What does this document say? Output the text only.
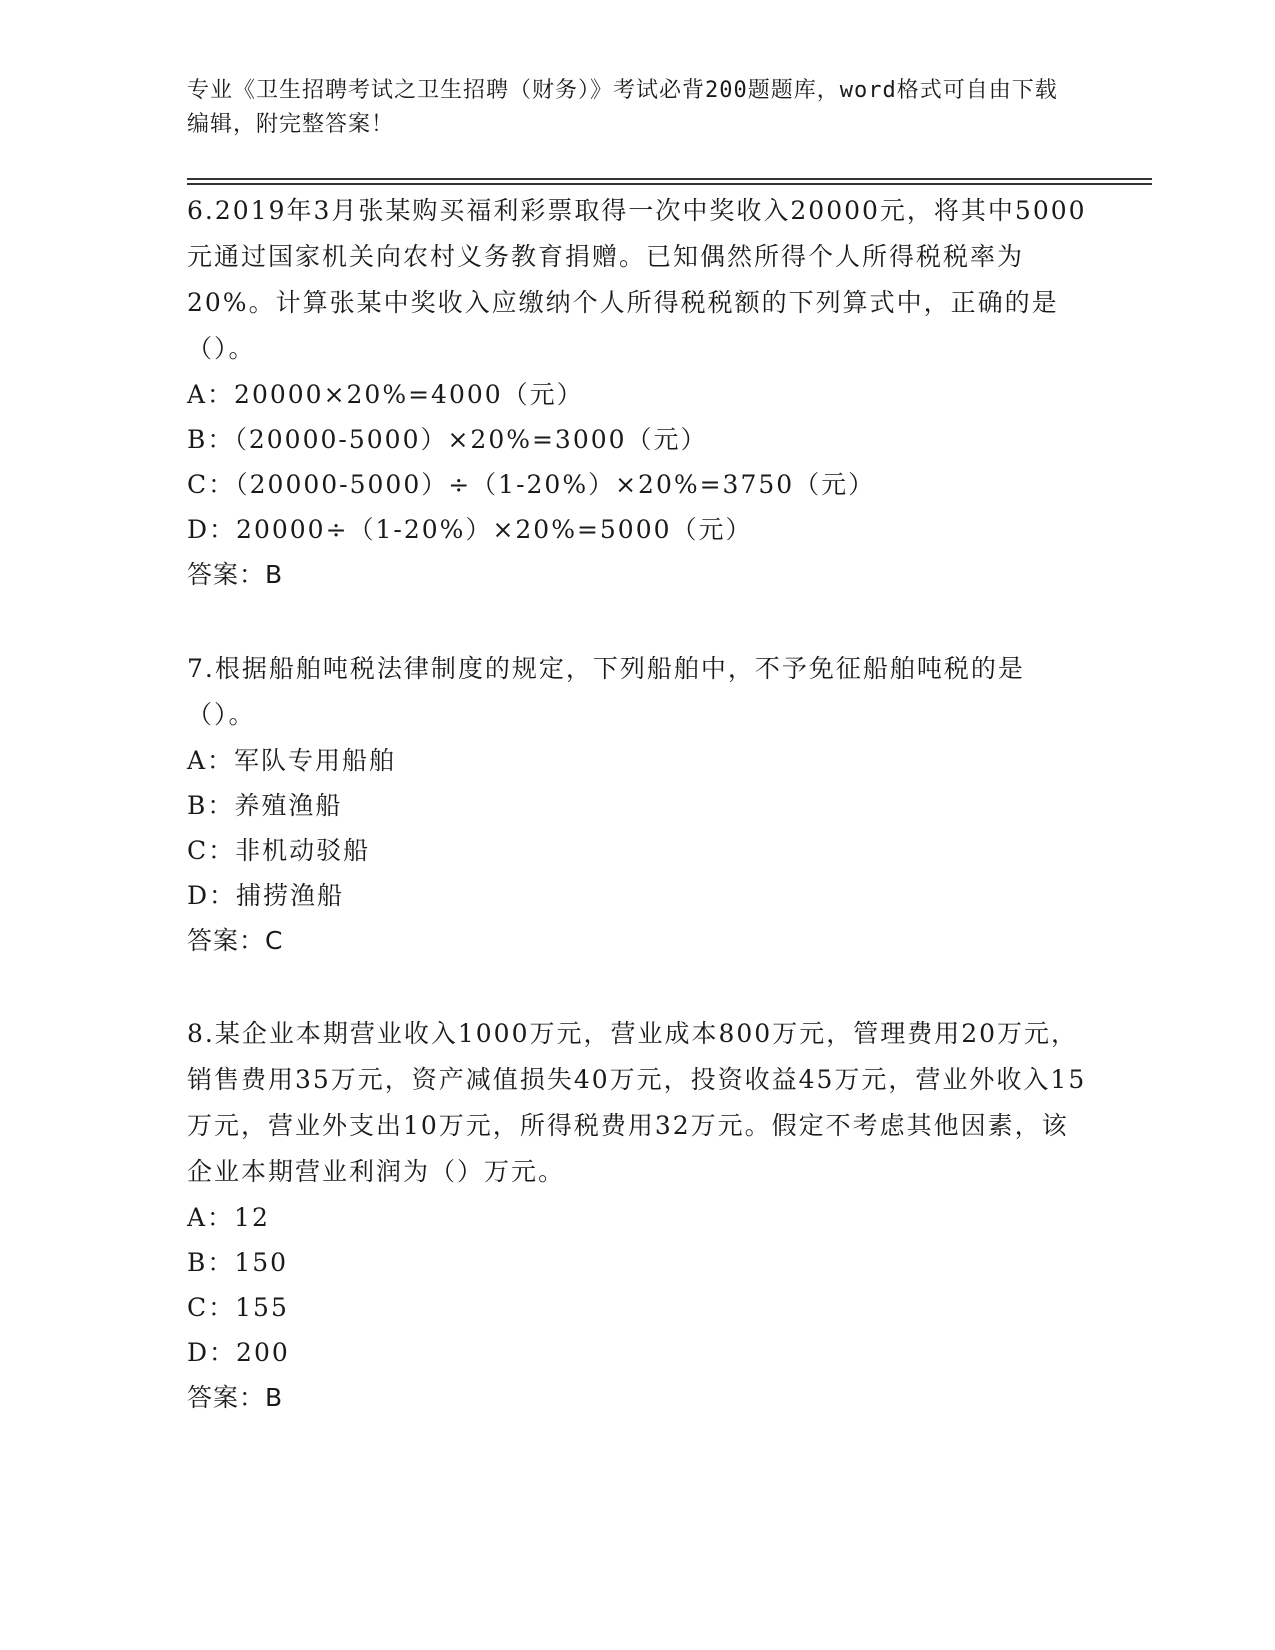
专业《卫生招聘考试之卫生招聘（财务）》考试必背200题题库，word格式可自由下载编辑，附完整答案！

6.2019年3月张某购买福利彩票取得一次中奖收入20000元，将其中5000元通过国家机关向农村义务教育捐赠。已知偶然所得个人所得税税率为20%。计算张某中奖收入应缴纳个人所得税税额的下列算式中，正确的是（）。

A：20000×20%=4000（元）

B：（20000-5000）×20%=3000（元）

C：（20000-5000）÷（1-20%）×20%=3750（元）

D：20000÷（1-20%）×20%=5000（元）

答案：B

7.根据船舶吨税法律制度的规定，下列船舶中，不予免征船舶吨税的是（）。

A：军队专用船舶

B：养殖渔船

C：非机动驳船

D：捕捞渔船

答案：C

8.某企业本期营业收入1000万元，营业成本800万元，管理费用20万元，销售费用35万元，资产减值损失40万元，投资收益45万元，营业外收入15万元，营业外支出10万元，所得税费用32万元。假定不考虑其他因素，该企业本期营业利润为（）万元。

A：12

B：150

C：155

D：200

答案：B
